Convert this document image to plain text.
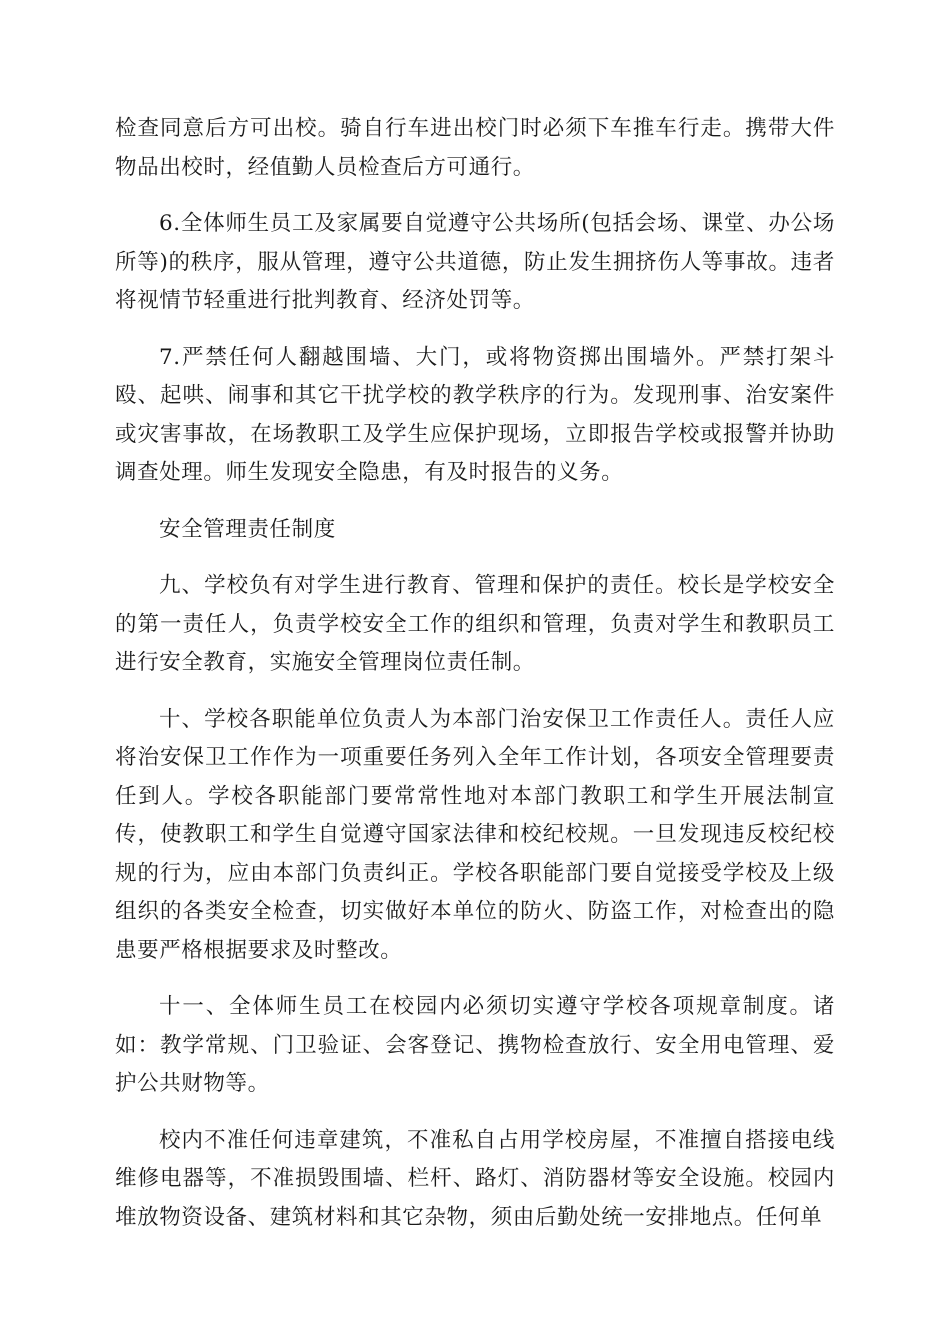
检查同意后方可出校。骑自行车进出校门时必须下车推车行走。携带大件物品出校时，经值勤人员检查后方可通行。

6.全体师生员工及家属要自觉遵守公共场所(包括会场、课堂、办公场所等)的秩序，服从管理，遵守公共道德，防止发生拥挤伤人等事故。违者将视情节轻重进行批判教育、经济处罚等。

7.严禁任何人翻越围墙、大门，或将物资掷出围墙外。严禁打架斗殴、起哄、闹事和其它干扰学校的教学秩序的行为。发现刑事、治安案件或灾害事故，在场教职工及学生应保护现场，立即报告学校或报警并协助调查处理。师生发现安全隐患，有及时报告的义务。

安全管理责任制度

九、学校负有对学生进行教育、管理和保护的责任。校长是学校安全的第一责任人，负责学校安全工作的组织和管理，负责对学生和教职员工进行安全教育，实施安全管理岗位责任制。

十、学校各职能单位负责人为本部门治安保卫工作责任人。责任人应将治安保卫工作作为一项重要任务列入全年工作计划，各项安全管理要责任到人。学校各职能部门要常常性地对本部门教职工和学生开展法制宣传，使教职工和学生自觉遵守国家法律和校纪校规。一旦发现违反校纪校规的行为，应由本部门负责纠正。学校各职能部门要自觉接受学校及上级组织的各类安全检查，切实做好本单位的防火、防盗工作，对检查出的隐患要严格根据要求及时整改。

十一、全体师生员工在校园内必须切实遵守学校各项规章制度。诸如：教学常规、门卫验证、会客登记、携物检查放行、安全用电管理、爱护公共财物等。

校内不准任何违章建筑，不准私自占用学校房屋，不准擅自搭接电线维修电器等，不准损毁围墙、栏杆、路灯、消防器材等安全设施。校园内堆放物资设备、建筑材料和其它杂物，须由后勤处统一安排地点。任何单
